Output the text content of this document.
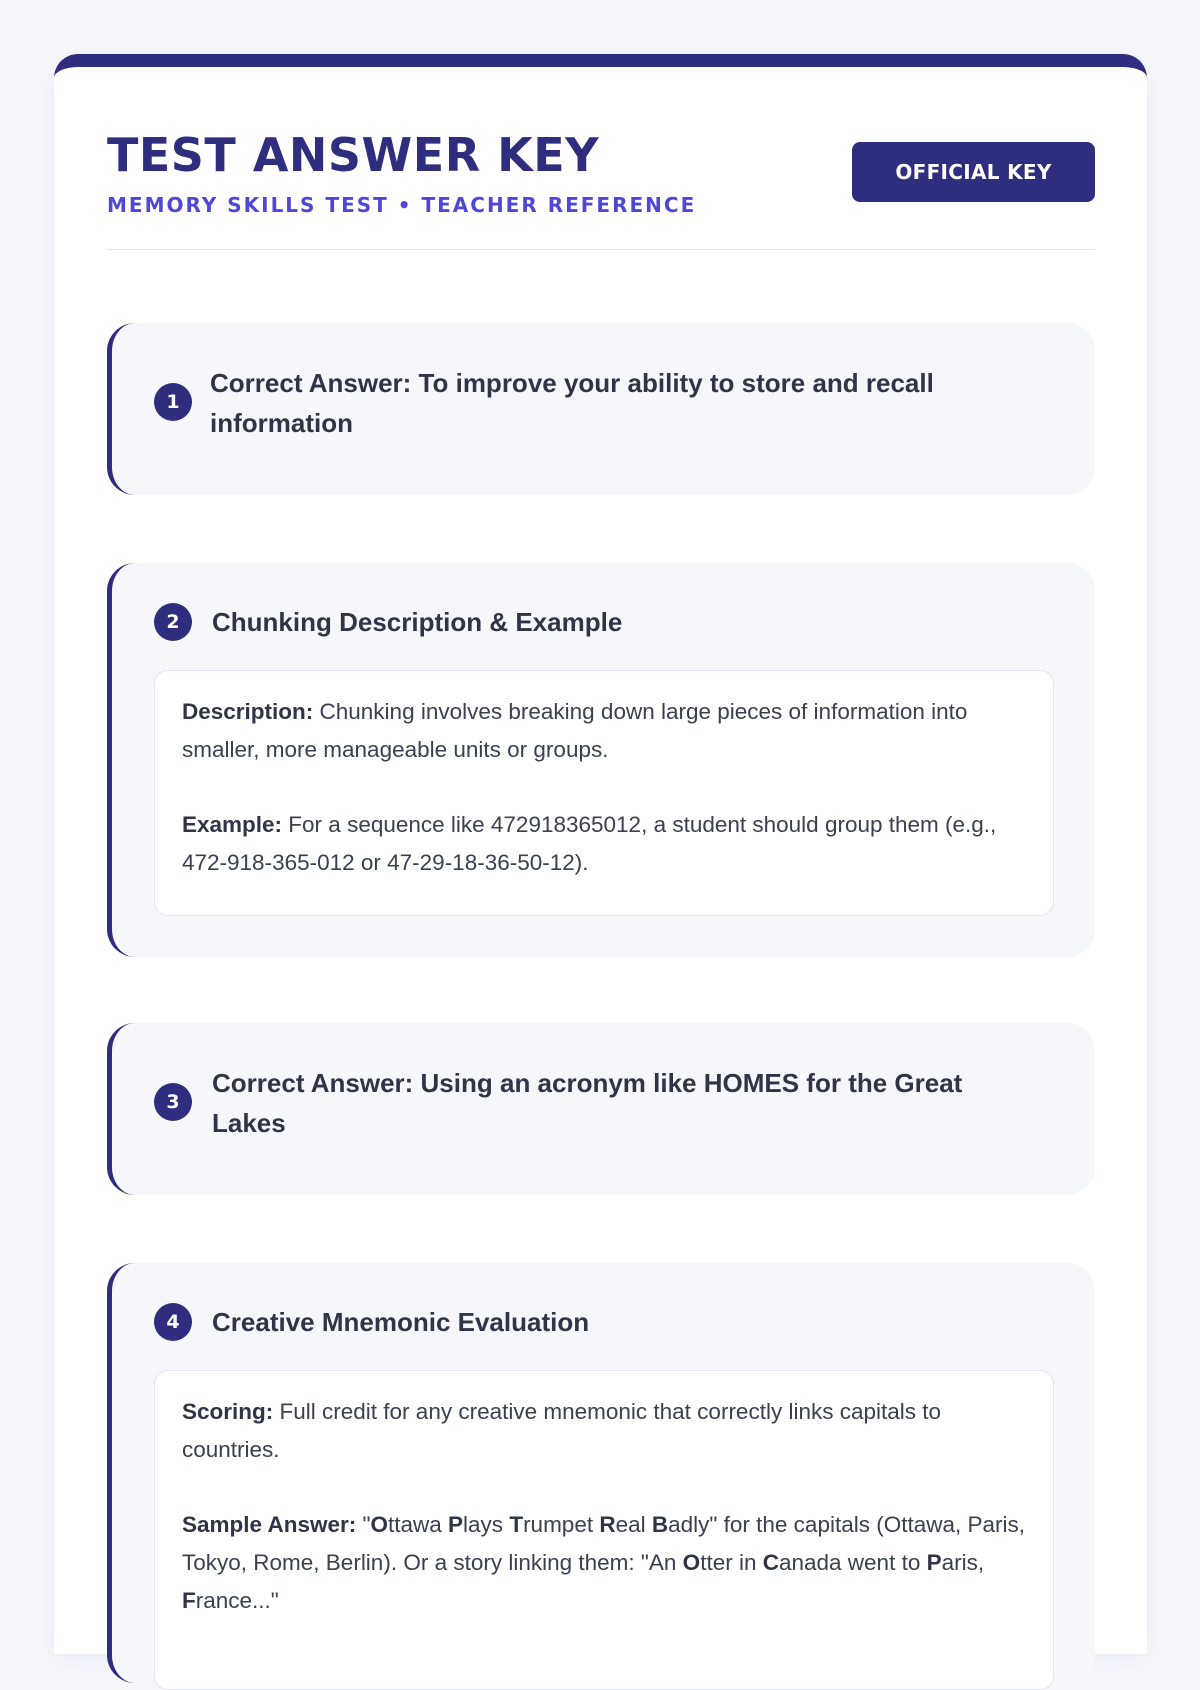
TEST ANSWER KEY
MEMORY SKILLS TEST • TEACHER REFERENCE
OFFICIAL KEY
1
Correct Answer: To improve your ability to store and recall information
2	Chunking Description & Example

Description: Chunking involves breaking down large pieces of information into smaller, more manageable units or groups.

Example: For a sequence like 472918365012, a student should group them (e.g., 472-918-365-012 or 47-29-18-36-50-12).

3
Correct Answer: Using an acronym like HOMES for the Great Lakes
4	Creative Mnemonic Evaluation

Scoring: Full credit for any creative mnemonic that correctly links capitals to countries.

Sample Answer: "Ottawa Plays Trumpet Real Badly" for the capitals (Ottawa, Paris, Tokyo, Rome, Berlin). Or a story linking them: "An Otter in Canada went to Paris, France..."
